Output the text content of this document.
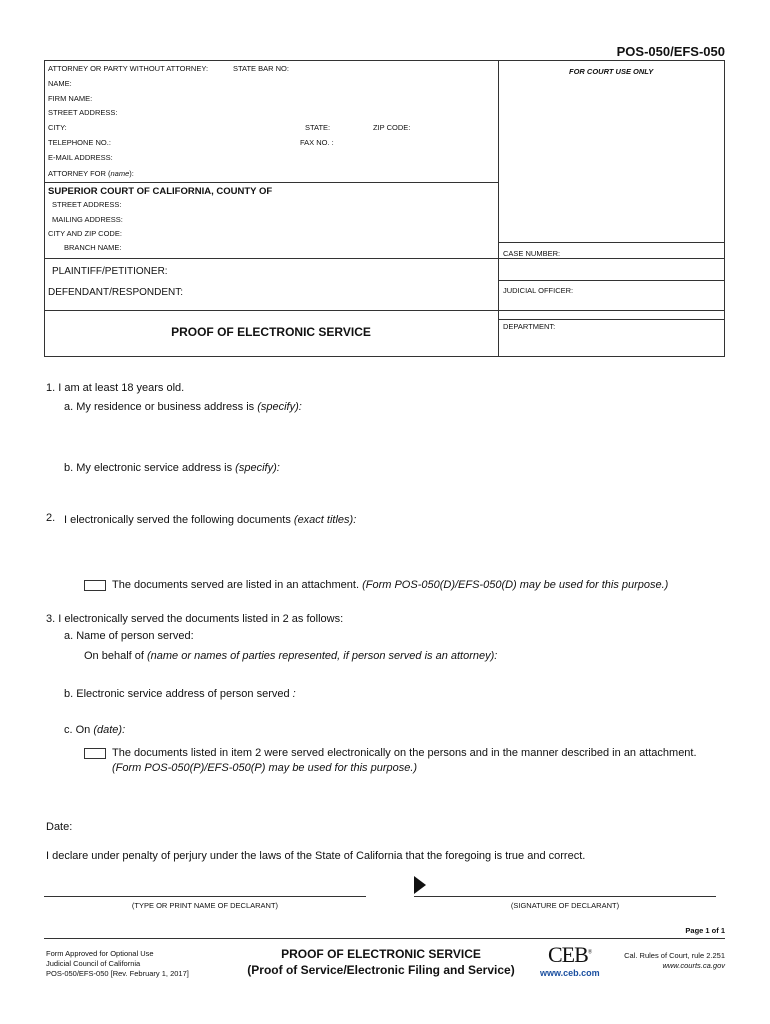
POS-050/EFS-050
ATTORNEY OR PARTY WITHOUT ATTORNEY:	STATE BAR NO:	FOR COURT USE ONLY
NAME:
FIRM NAME:
STREET ADDRESS:
CITY:	STATE:	ZIP CODE:
TELEPHONE NO.:	FAX NO. :
E-MAIL ADDRESS:
ATTORNEY FOR (name):
SUPERIOR COURT OF CALIFORNIA, COUNTY OF
STREET ADDRESS:
MAILING ADDRESS:
CITY AND ZIP CODE:
BRANCH NAME:
CASE NUMBER:
PLAINTIFF/PETITIONER:
DEFENDANT/RESPONDENT:	JUDICIAL OFFICER:
DEPARTMENT:
PROOF OF ELECTRONIC SERVICE
1. I am at least 18 years old.
a. My residence or business address is (specify):
b. My electronic service address is (specify):
2. I electronically served the following documents (exact titles):
The documents served are listed in an attachment. (Form POS-050(D)/EFS-050(D) may be used for this purpose.)
3. I electronically served the documents listed in 2 as follows:
a. Name of person served:
On behalf of (name or names of parties represented, if person served is an attorney):
b. Electronic service address of person served :
c. On (date):
The documents listed in item 2 were served electronically on the persons and in the manner described in an attachment.
(Form POS-050(P)/EFS-050(P) may be used for this purpose.)
Date:
I declare under penalty of perjury under the laws of the State of California that the foregoing is true and correct.
(TYPE OR PRINT NAME OF DECLARANT)	(SIGNATURE OF DECLARANT)
Page 1 of 1
Form Approved for Optional Use
Judicial Council of California
POS-050/EFS-050 [Rev. February 1, 2017]
PROOF OF ELECTRONIC SERVICE
(Proof of Service/Electronic Filing and Service)
CEB®
www.ceb.com
Cal. Rules of Court, rule 2.251
www.courts.ca.gov
